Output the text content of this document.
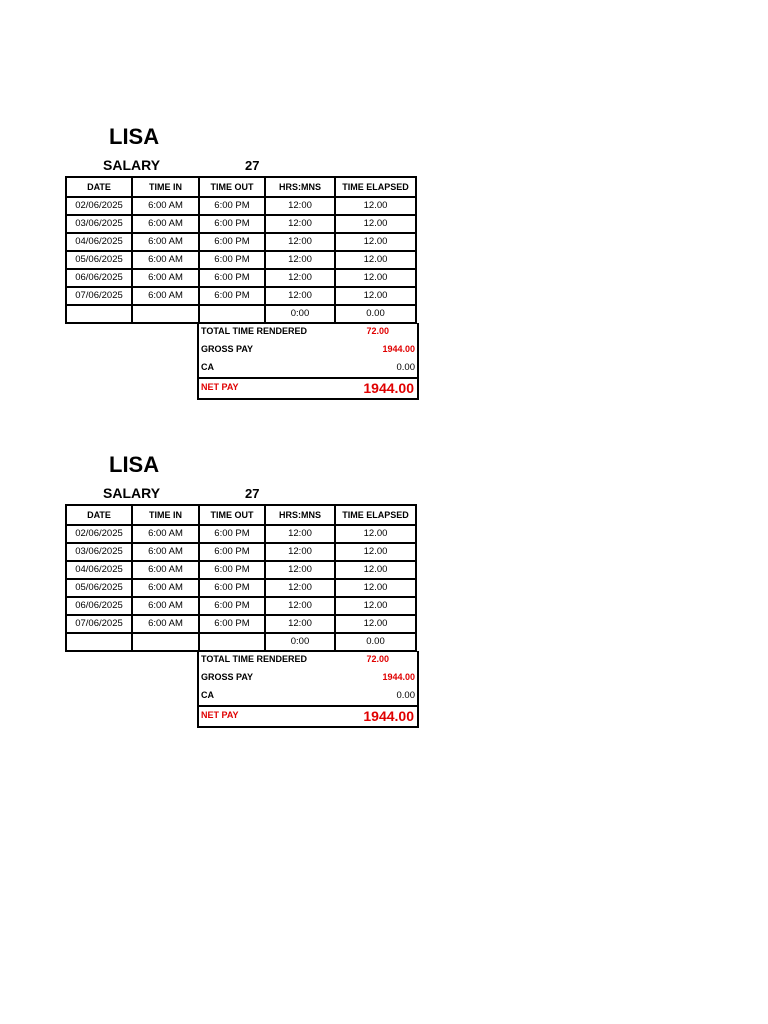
LISA
SALARY	27
DATE	TIME IN	TIME OUT	HRS:MNS	TIME ELAPSED
02/06/2025	6:00 AM	6:00 PM	12:00	12.00
03/06/2025	6:00 AM	6:00 PM	12:00	12.00
04/06/2025	6:00 AM	6:00 PM	12:00	12.00
05/06/2025	6:00 AM	6:00 PM	12:00	12.00
06/06/2025	6:00 AM	6:00 PM	12:00	12.00
07/06/2025	6:00 AM	6:00 PM	12:00	12.00
			0:00	0.00
TOTAL TIME RENDERED	72.00
GROSS PAY	1944.00
CA	0.00
NET PAY	1944.00
LISA
SALARY	27
DATE	TIME IN	TIME OUT	HRS:MNS	TIME ELAPSED
02/06/2025	6:00 AM	6:00 PM	12:00	12.00
03/06/2025	6:00 AM	6:00 PM	12:00	12.00
04/06/2025	6:00 AM	6:00 PM	12:00	12.00
05/06/2025	6:00 AM	6:00 PM	12:00	12.00
06/06/2025	6:00 AM	6:00 PM	12:00	12.00
07/06/2025	6:00 AM	6:00 PM	12:00	12.00
			0:00	0.00
TOTAL TIME RENDERED	72.00
GROSS PAY	1944.00
CA	0.00
NET PAY	1944.00
